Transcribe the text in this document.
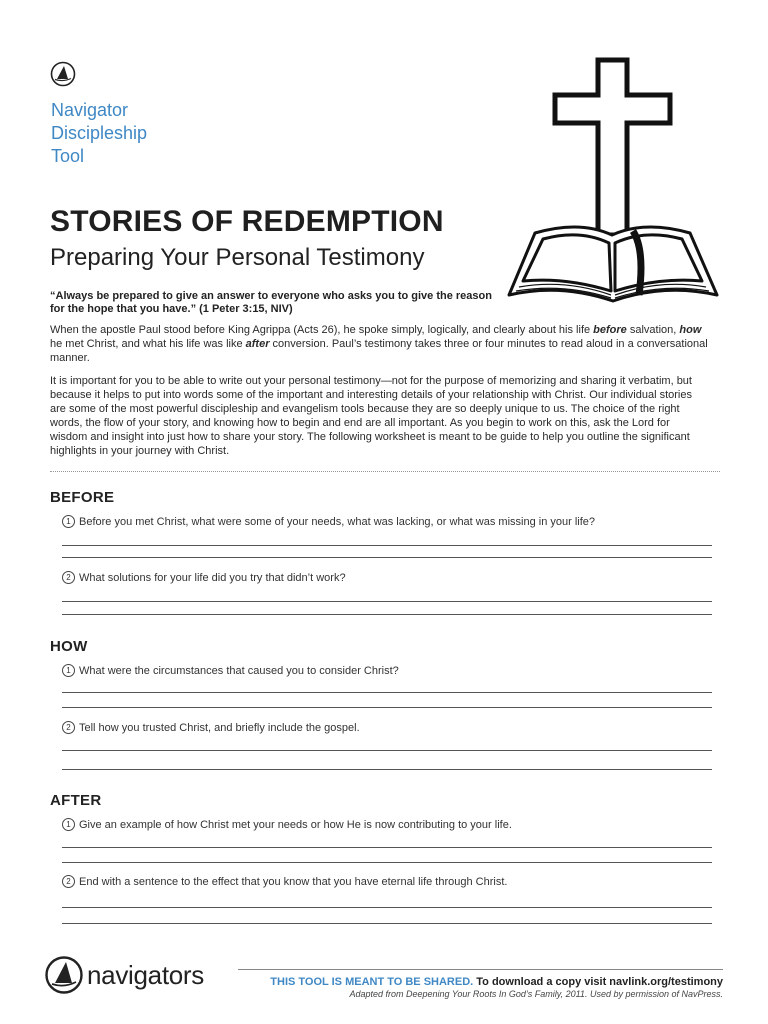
Navigator
Discipleship
Tool
STORIES OF REDEMPTION
Preparing Your Personal Testimony
“Always be prepared to give an answer to everyone who asks you to give the reason for the hope that you have.” (1 Peter 3:15, NIV)
When the apostle Paul stood before King Agrippa (Acts 26), he spoke simply, logically, and clearly about his life before salvation, how he met Christ, and what his life was like after conversion. Paul’s testimony takes three or four minutes to read aloud in a conversational manner.
It is important for you to be able to write out your personal testimony—not for the purpose of memorizing and sharing it verbatim, but because it helps to put into words some of the important and interesting details of your relationship with Christ. Our individual stories are some of the most powerful discipleship and evangelism tools because they are so deeply unique to us. The choice of the right words, the flow of your story, and knowing how to begin and end are all important. As you begin to work on this, ask the Lord for wisdom and insight into just how to share your story. The following worksheet is meant to be guide to help you outline the significant highlights in your journey with Christ.
BEFORE
1 Before you met Christ, what were some of your needs, what was lacking, or what was missing in your life?
2 What solutions for your life did you try that didn’t work?
HOW
1 What were the circumstances that caused you to consider Christ?
2 Tell how you trusted Christ, and briefly include the gospel.
AFTER
1 Give an example of how Christ met your needs or how He is now contributing to your life.
2 End with a sentence to the effect that you know that you have eternal life through Christ.
navigators	THIS TOOL IS MEANT TO BE SHARED. To download a copy visit navlink.org/testimony
Adapted from Deepening Your Roots In God’s Family, 2011. Used by permission of NavPress.
